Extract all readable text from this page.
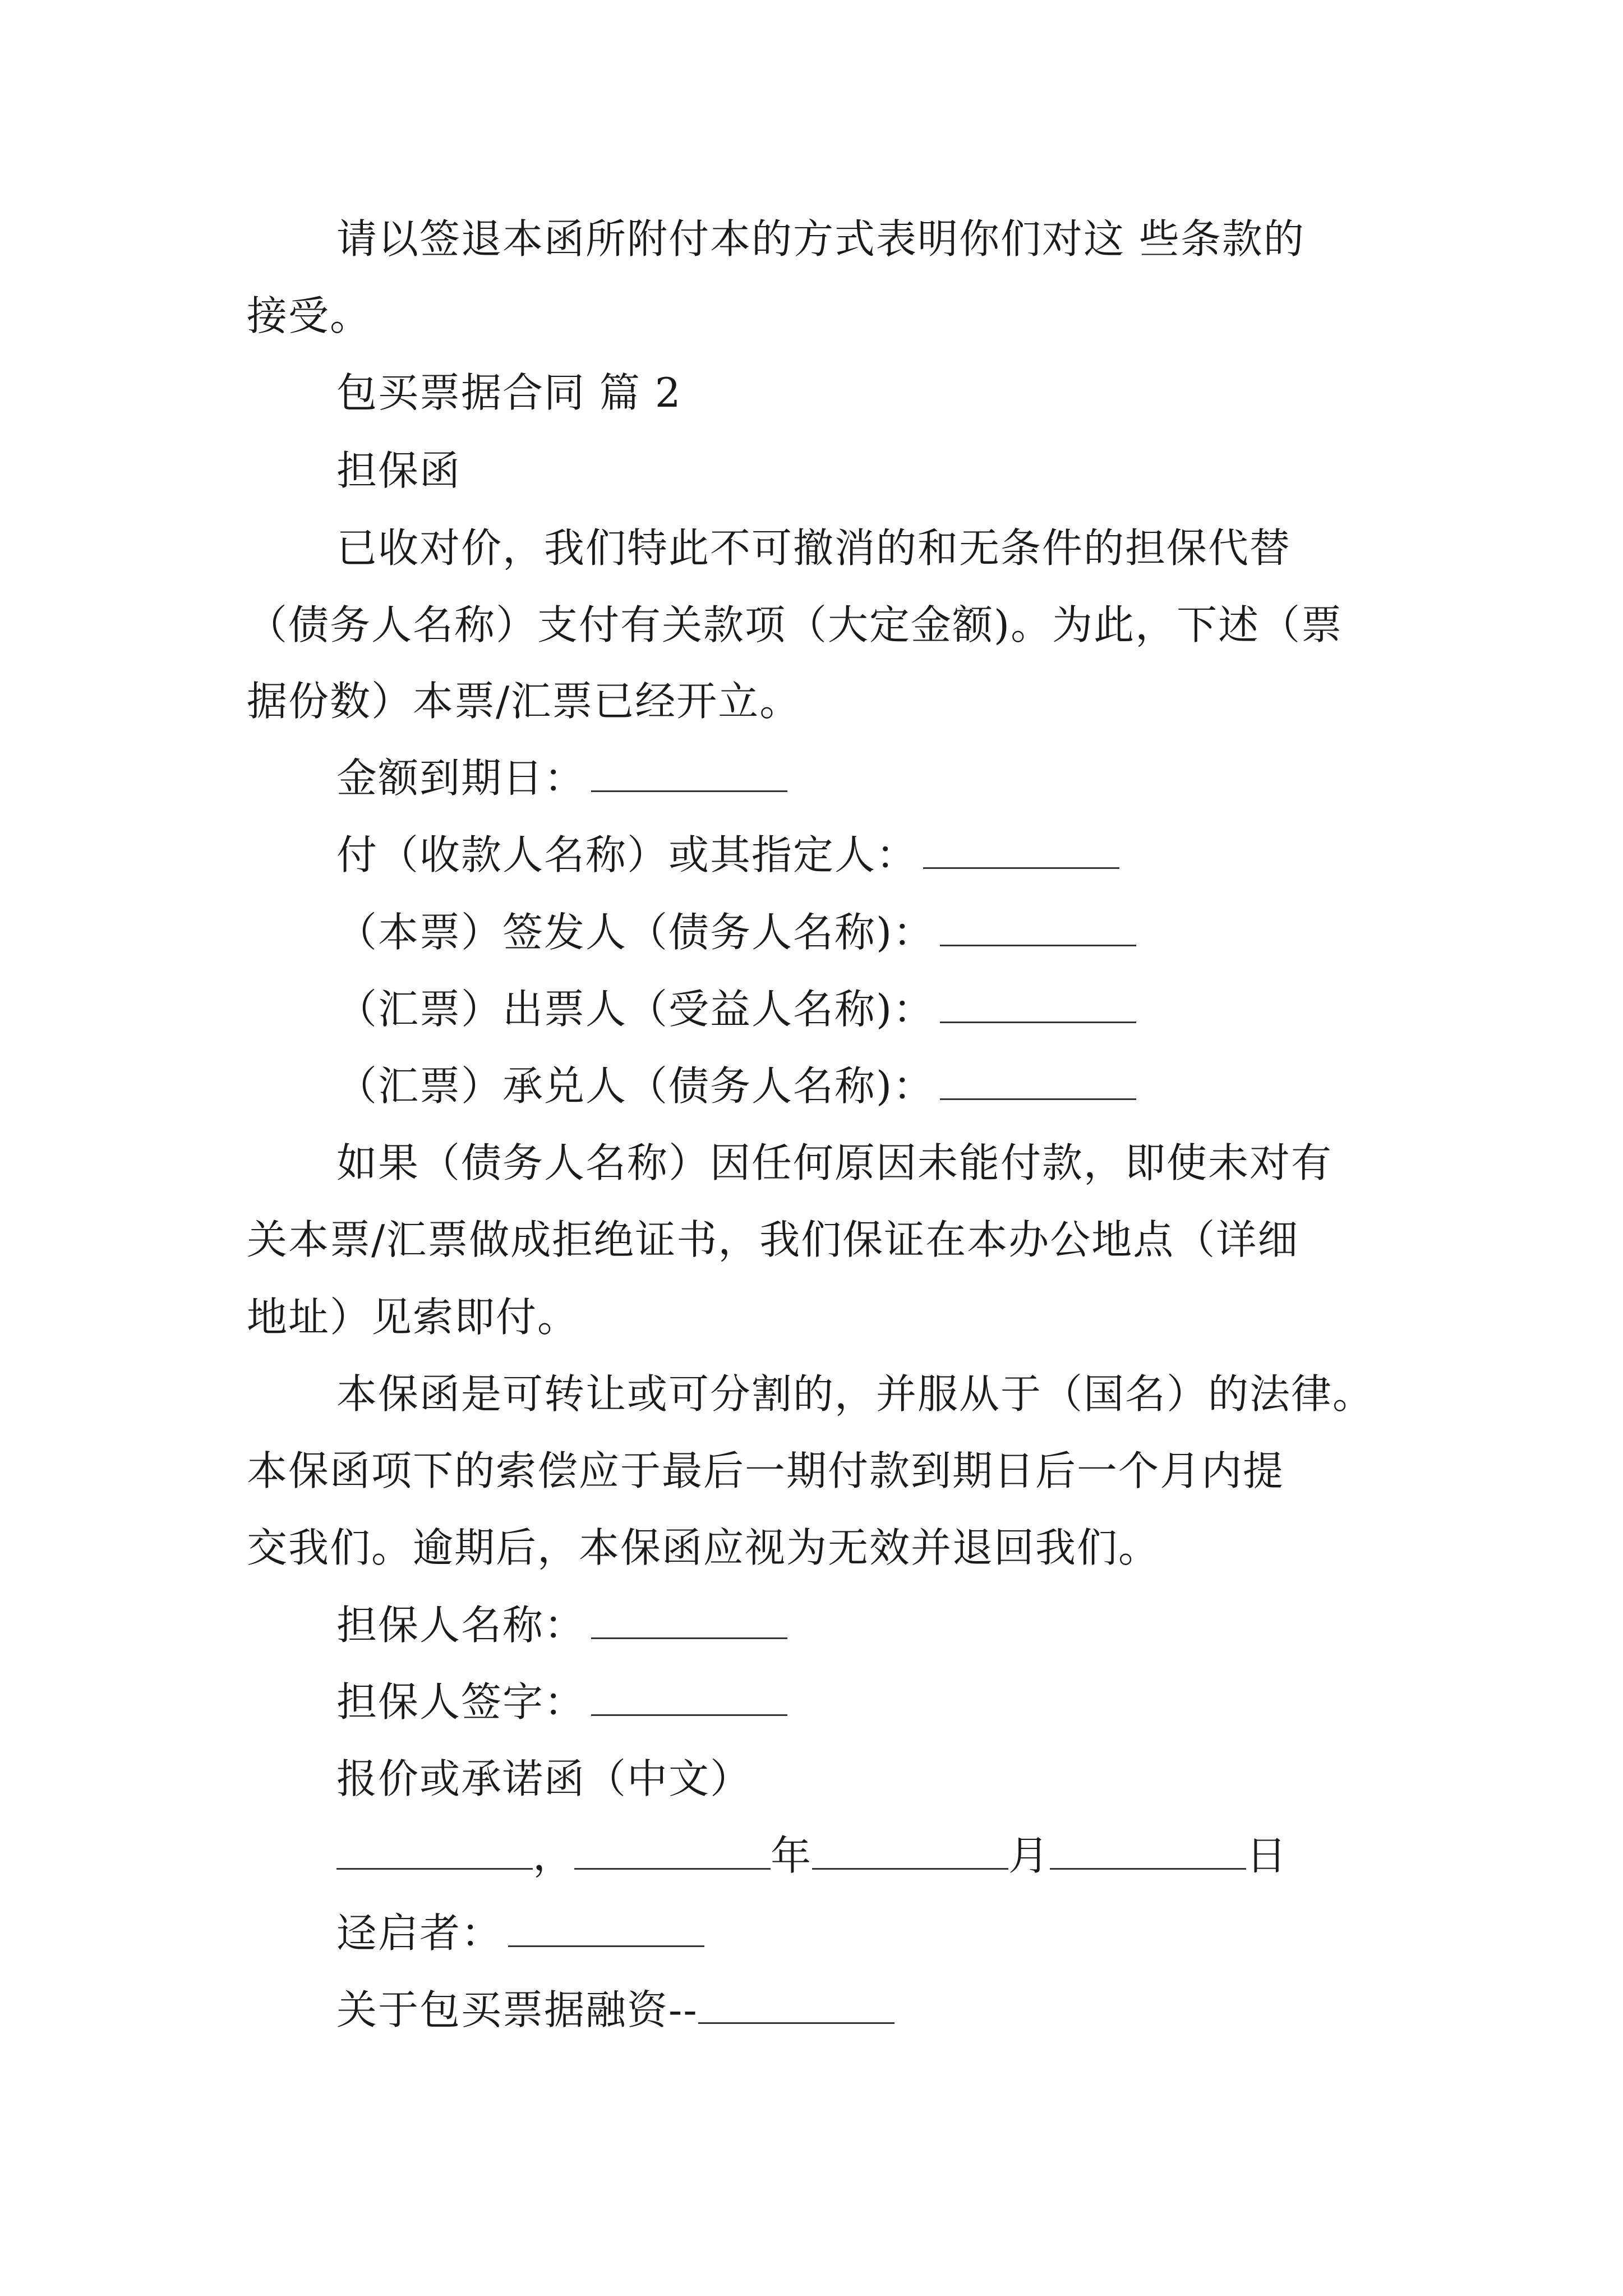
请以签退本函所附付本的方式表明你们对这 些条款的
接受。
包买票据合同 篇 2
担保函
已收对价，我们特此不可撤消的和无条件的担保代替
（债务人名称）支付有关款项（大定金额)。为此，下述（票
据份数）本票/汇票已经开立。
金额到期日：
付（收款人名称）或其指定人：
（本票）签发人（债务人名称)：
（汇票）出票人（受益人名称)：
（汇票）承兑人（债务人名称)：
如果（债务人名称）因任何原因未能付款，即使未对有
关本票/汇票做成拒绝证书，我们保证在本办公地点（详细
地址）见索即付。
本保函是可转让或可分割的，并服从于（国名）的法律。
本保函项下的索偿应于最后一期付款到期日后一个月内提
交我们。逾期后，本保函应视为无效并退回我们。
担保人名称：
担保人签字：
报价或承诺函（中文）
，	年	月	日
迳启者：
关于包买票据融资--
